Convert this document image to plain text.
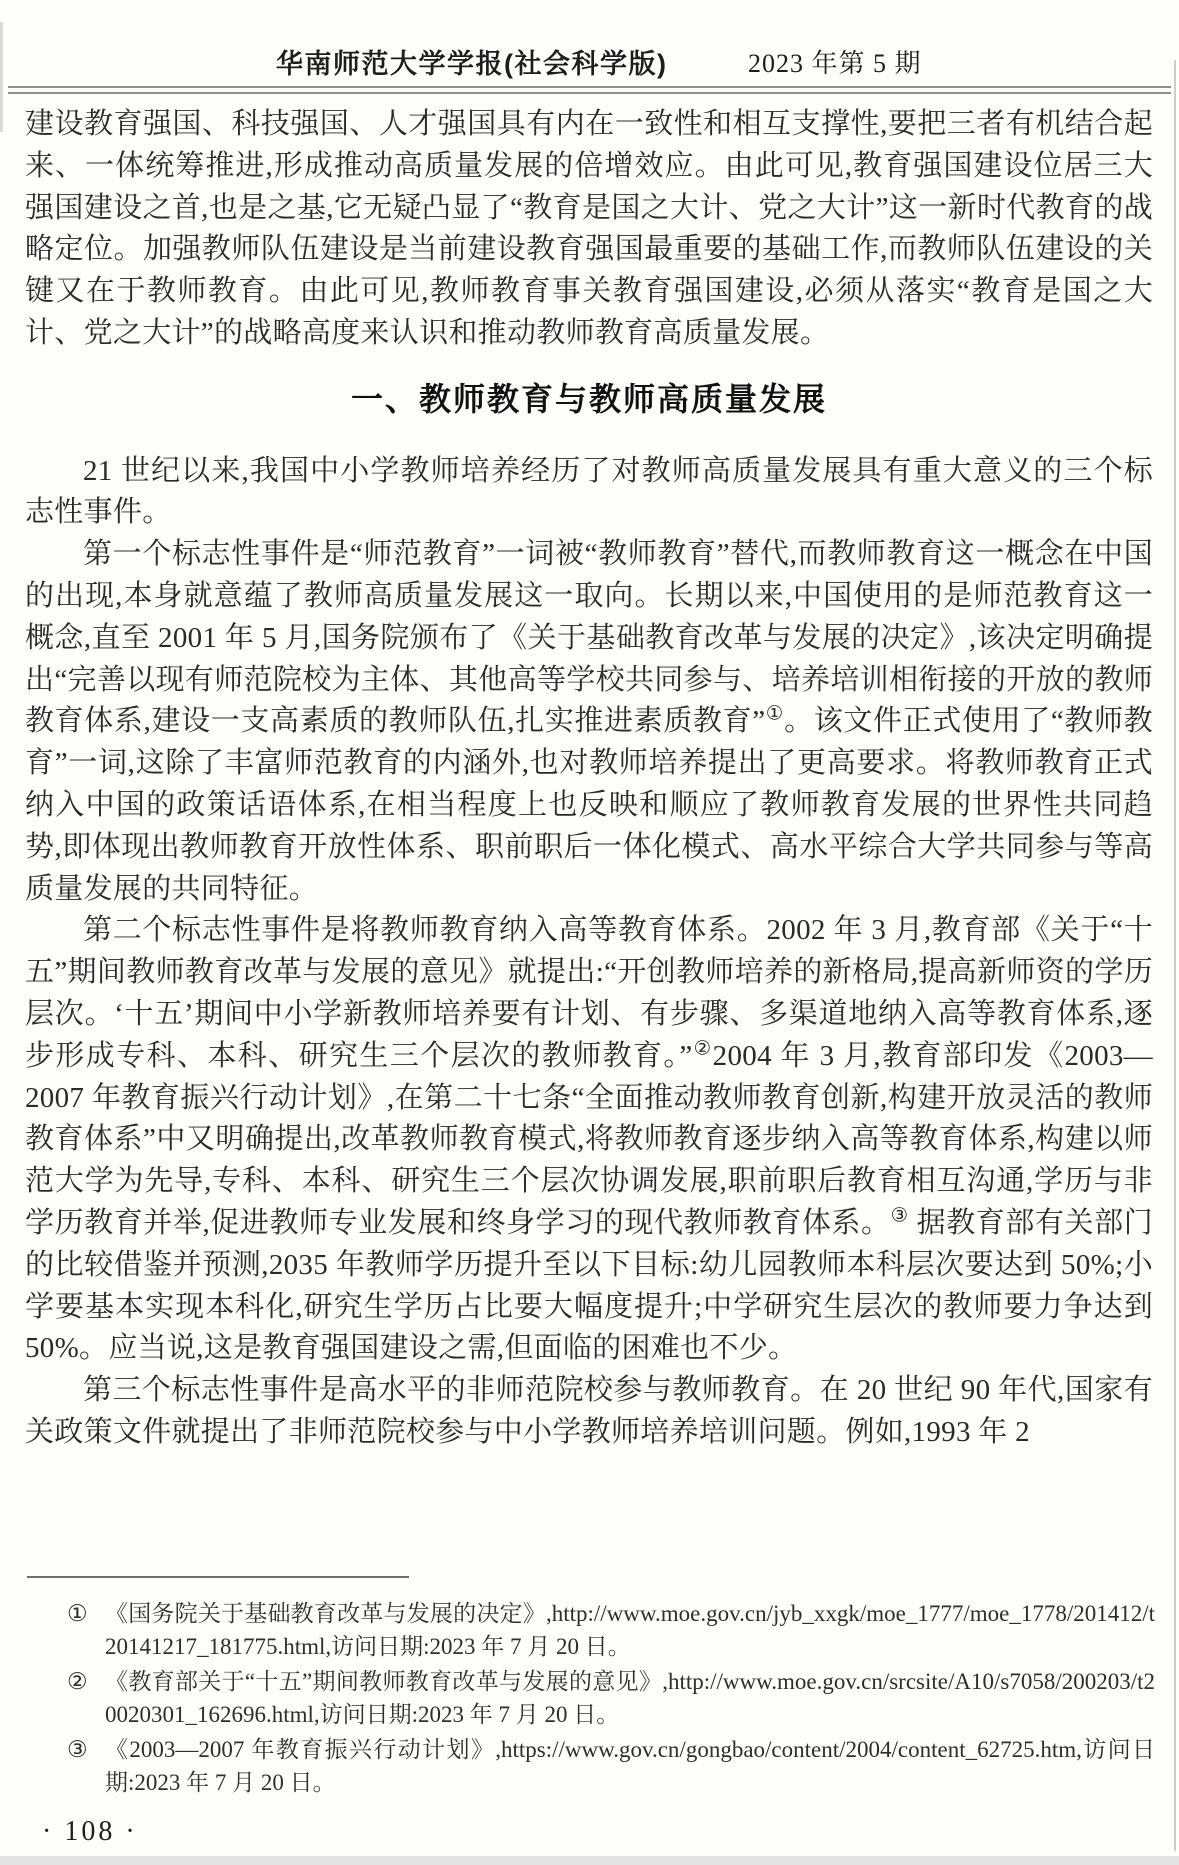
华南师范大学学报(社会科学版)	2023 年第 5 期

建设教育强国、科技强国、人才强国具有内在一致性和相互支撑性,要把三者有机结合起来、一体统筹推进,形成推动高质量发展的倍增效应。由此可见,教育强国建设位居三大强国建设之首,也是之基,它无疑凸显了“教育是国之大计、党之大计”这一新时代教育的战略定位。加强教师队伍建设是当前建设教育强国最重要的基础工作,而教师队伍建设的关键又在于教师教育。由此可见,教师教育事关教育强国建设,必须从落实“教育是国之大计、党之大计”的战略高度来认识和推动教师教育高质量发展。

一、教师教育与教师高质量发展

21 世纪以来,我国中小学教师培养经历了对教师高质量发展具有重大意义的三个标志性事件。

第一个标志性事件是“师范教育”一词被“教师教育”替代,而教师教育这一概念在中国的出现,本身就意蕴了教师高质量发展这一取向。长期以来,中国使用的是师范教育这一概念,直至 2001 年 5 月,国务院颁布了《关于基础教育改革与发展的决定》,该决定明确提出“完善以现有师范院校为主体、其他高等学校共同参与、培养培训相衔接的开放的教师教育体系,建设一支高素质的教师队伍,扎实推进素质教育”①。该文件正式使用了“教师教育”一词,这除了丰富师范教育的内涵外,也对教师培养提出了更高要求。将教师教育正式纳入中国的政策话语体系,在相当程度上也反映和顺应了教师教育发展的世界性共同趋势,即体现出教师教育开放性体系、职前职后一体化模式、高水平综合大学共同参与等高质量发展的共同特征。

第二个标志性事件是将教师教育纳入高等教育体系。2002 年 3 月,教育部《关于“十五”期间教师教育改革与发展的意见》就提出:“开创教师培养的新格局,提高新师资的学历层次。‘十五’期间中小学新教师培养要有计划、有步骤、多渠道地纳入高等教育体系,逐步形成专科、本科、研究生三个层次的教师教育。”②2004 年 3 月,教育部印发《2003—2007 年教育振兴行动计划》,在第二十七条“全面推动教师教育创新,构建开放灵活的教师教育体系”中又明确提出,改革教师教育模式,将教师教育逐步纳入高等教育体系,构建以师范大学为先导,专科、本科、研究生三个层次协调发展,职前职后教育相互沟通,学历与非学历教育并举,促进教师专业发展和终身学习的现代教师教育体系。③ 据教育部有关部门的比较借鉴并预测,2035 年教师学历提升至以下目标:幼儿园教师本科层次要达到 50%;小学要基本实现本科化,研究生学历占比要大幅度提升;中学研究生层次的教师要力争达到 50%。应当说,这是教育强国建设之需,但面临的困难也不少。

第三个标志性事件是高水平的非师范院校参与教师教育。在 20 世纪 90 年代,国家有关政策文件就提出了非师范院校参与中小学教师培养培训问题。例如,1993 年 2

① 《国务院关于基础教育改革与发展的决定》,http://www.moe.gov.cn/jyb_xxgk/moe_1777/moe_1778/201412/t20141217_181775.html,访问日期:2023 年 7 月 20 日。
② 《教育部关于“十五”期间教师教育改革与发展的意见》,http://www.moe.gov.cn/srcsite/A10/s7058/200203/t20020301_162696.html,访问日期:2023 年 7 月 20 日。
③ 《2003—2007 年教育振兴行动计划》,https://www.gov.cn/gongbao/content/2004/content_62725.htm,访问日期:2023 年 7 月 20 日。
· 108 ·
